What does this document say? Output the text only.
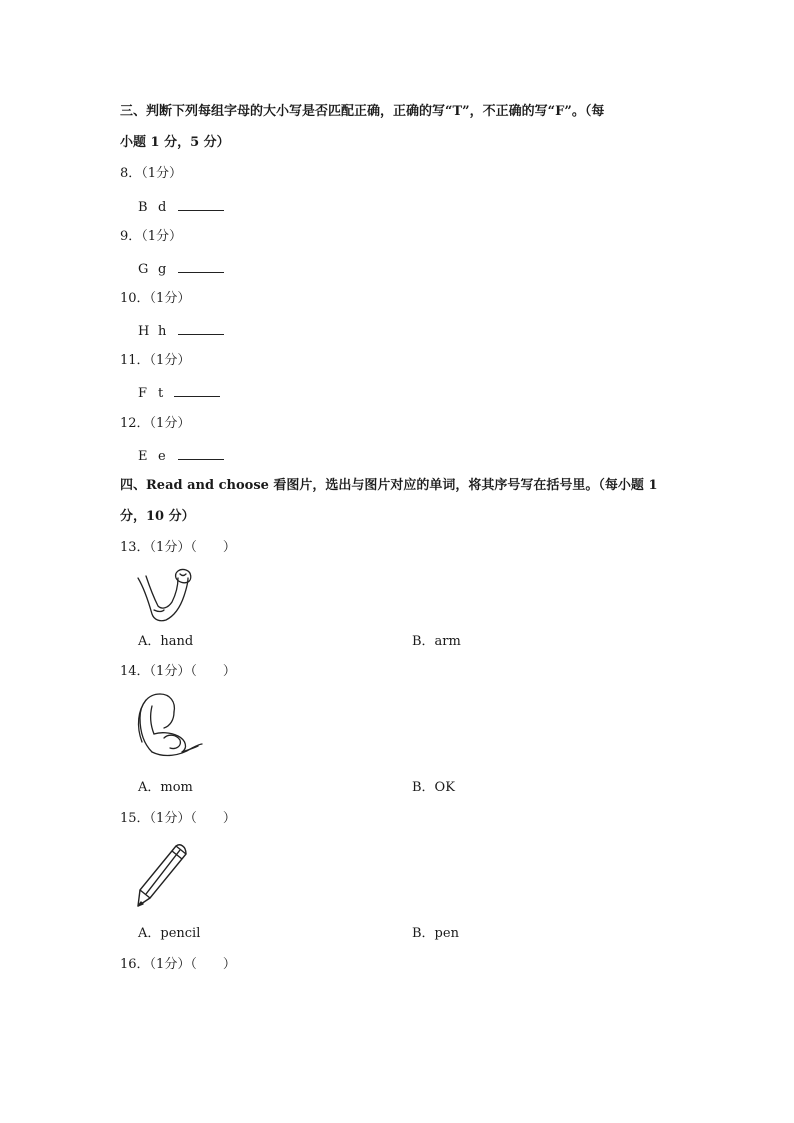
三、判断下列每组字母的大小写是否匹配正确，正确的写“T”，不正确的写“F”。（每
小题 1 分，5 分）
8．（1分）
B d
9．（1分）
G g
10．（1分）
H h
11．（1分）
F t
12．（1分）
E e
四、Read and choose 看图片，选出与图片对应的单词，将其序号写在括号里。（每小题 1
分，10 分）
13．（1分）（　　）
A．hand	B．arm
14．（1分）（　　）
A．mom	B．OK
15．（1分）（　　）
A．pencil	B．pen
16．（1分）（　　）
